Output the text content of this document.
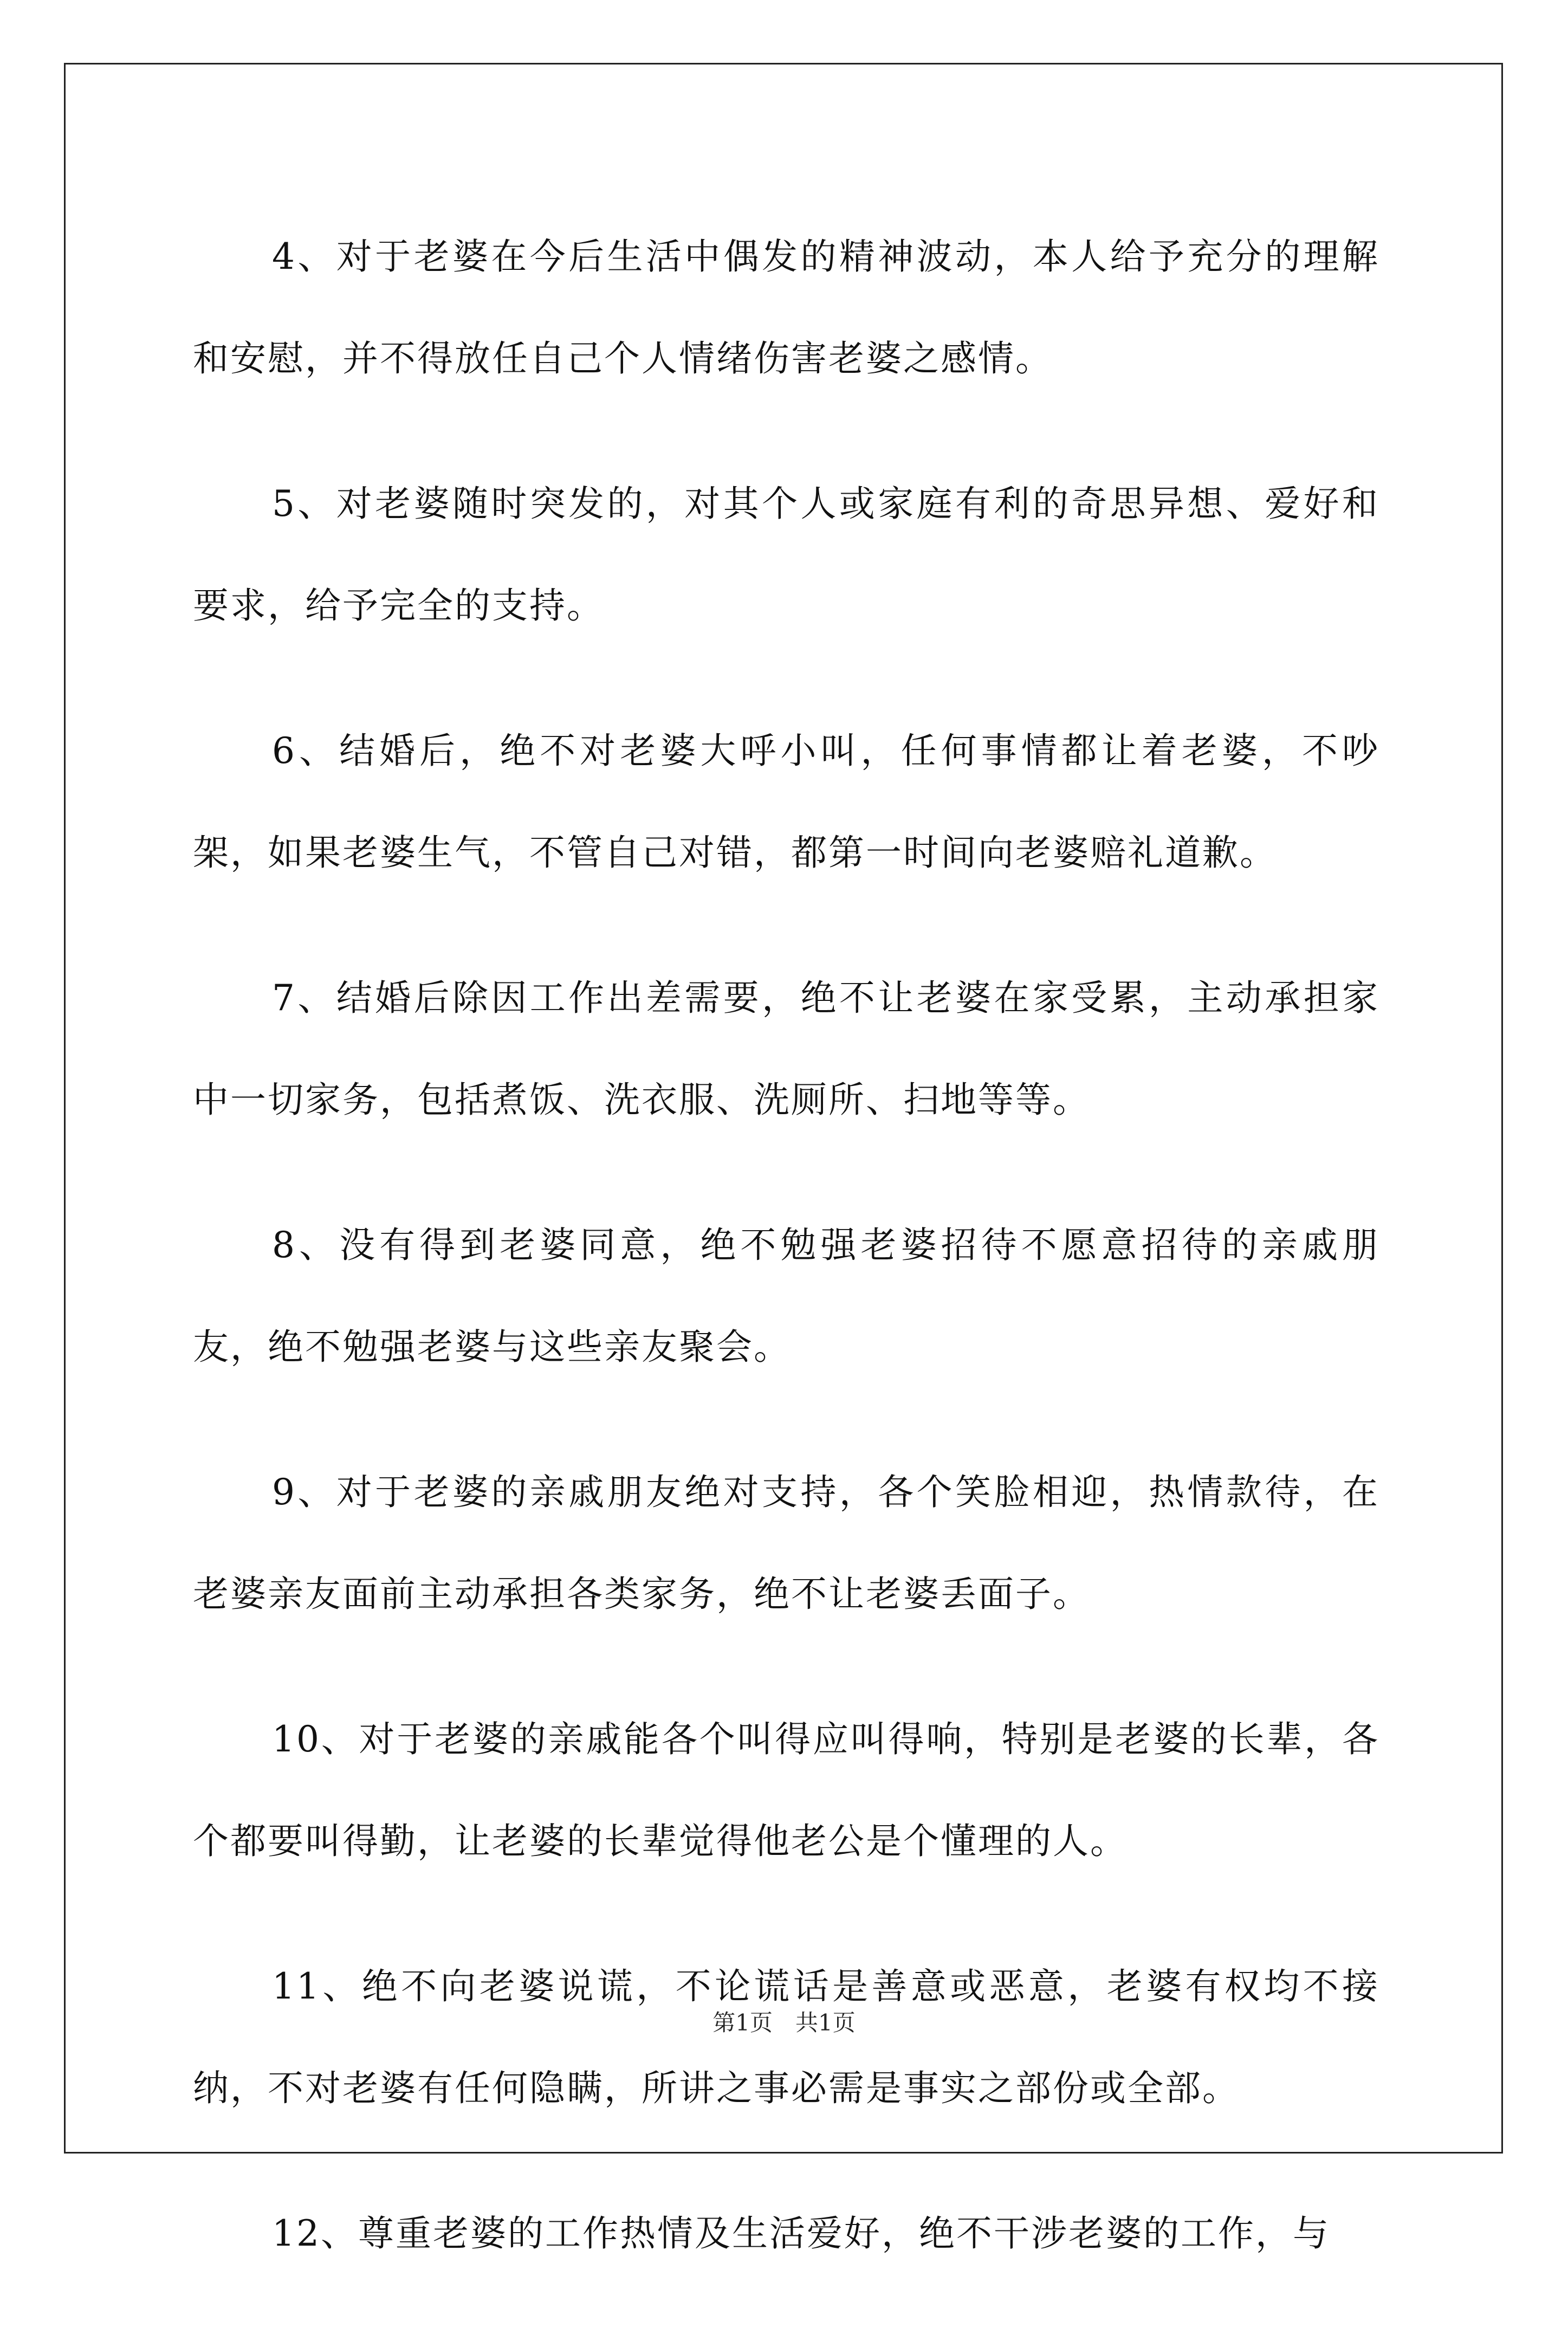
4、对于老婆在今后生活中偶发的精神波动，本人给予充分的理解和安慰，并不得放任自己个人情绪伤害老婆之感情。

5、对老婆随时突发的，对其个人或家庭有利的奇思异想、爱好和要求，给予完全的支持。

6、结婚后，绝不对老婆大呼小叫，任何事情都让着老婆，不吵架，如果老婆生气，不管自己对错，都第一时间向老婆赔礼道歉。

7、结婚后除因工作出差需要，绝不让老婆在家受累，主动承担家中一切家务，包括煮饭、洗衣服、洗厕所、扫地等等。

8、没有得到老婆同意，绝不勉强老婆招待不愿意招待的亲戚朋友，绝不勉强老婆与这些亲友聚会。

9、对于老婆的亲戚朋友绝对支持，各个笑脸相迎，热情款待，在老婆亲友面前主动承担各类家务，绝不让老婆丢面子。

10、对于老婆的亲戚能各个叫得应叫得响，特别是老婆的长辈，各个都要叫得勤，让老婆的长辈觉得他老公是个懂理的人。

11、绝不向老婆说谎，不论谎话是善意或恶意，老婆有权均不接纳，不对老婆有任何隐瞒，所讲之事必需是事实之部份或全部。

12、尊重老婆的工作热情及生活爱好，绝不干涉老婆的工作，与

第1页　共1页
